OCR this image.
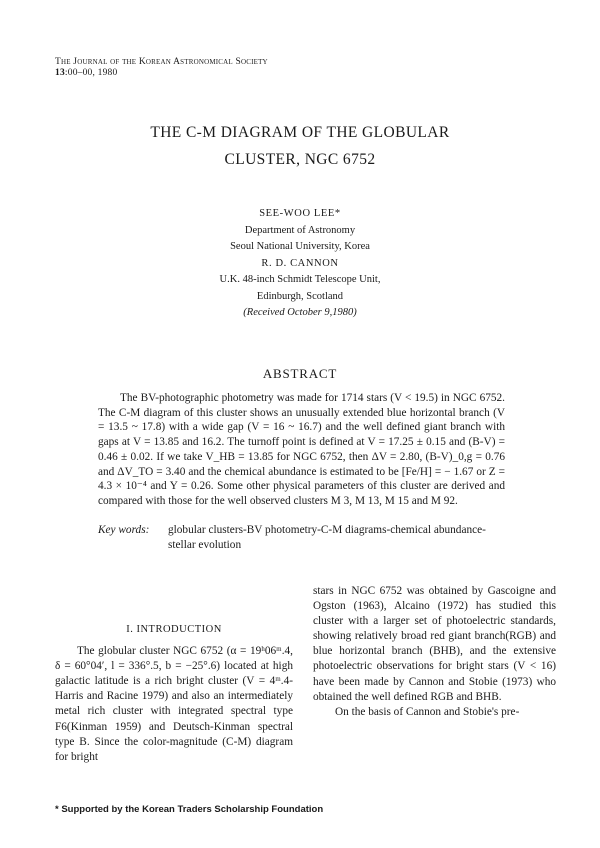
The Journal of the Korean Astronomical Society
13:00–00, 1980
THE C-M DIAGRAM OF THE GLOBULAR
CLUSTER, NGC 6752
SEE-WOO LEE*
Department of Astronomy
Seoul National University, Korea
R. D. CANNON
U.K. 48-inch Schmidt Telescope Unit,
Edinburgh, Scotland
(Received October 9,1980)
ABSTRACT

The BV-photographic photometry was made for 1714 stars (V < 19.5) in NGC 6752. The C-M diagram of this cluster shows an unusually extended blue horizontal branch (V = 13.5 ~ 17.8) with a wide gap (V = 16 ~ 16.7) and the well defined giant branch with gaps at V = 13.85 and 16.2. The turnoff point is defined at V = 17.25 ± 0.15 and (B-V) = 0.46 ± 0.02. If we take V_HB = 13.85 for NGC 6752, then ΔV = 2.80, (B-V)_0,g = 0.76 and ΔV_TO = 3.40 and the chemical abundance is estimated to be [Fe/H] = − 1.67 or Z = 4.3 × 10⁻⁴ and Y = 0.26. Some other physical parameters of this cluster are derived and compared with those for the well observed clusters M 3, M 13, M 15 and M 92.

Key words: globular clusters-BV photometry-C-M diagrams-chemical abundance-stellar evolution
I. INTRODUCTION

The globular cluster NGC 6752 (α = 19ʰ06ᵐ.4, δ = 60°04′, l = 336°.5, b = −25°.6) located at high galactic latitude is a rich bright cluster (V = 4ᵐ.4-Harris and Racine 1979) and also an intermediately metal rich cluster with integrated spectral type F6(Kinman 1959) and Deutsch-Kinman spectral type B. Since the color-magnitude (C-M) diagram for bright

stars in NGC 6752 was obtained by Gascoigne and Ogston (1963), Alcaino (1972) has studied this cluster with a larger set of photoelectric standards, showing relatively broad red giant branch(RGB) and blue horizontal branch (BHB), and the extensive photoelectric observations for bright stars (V < 16) have been made by Cannon and Stobie (1973) who obtained the well defined RGB and BHB.

On the basis of Cannon and Stobie's pre-

* Supported by the Korean Traders Scholarship Foundation
